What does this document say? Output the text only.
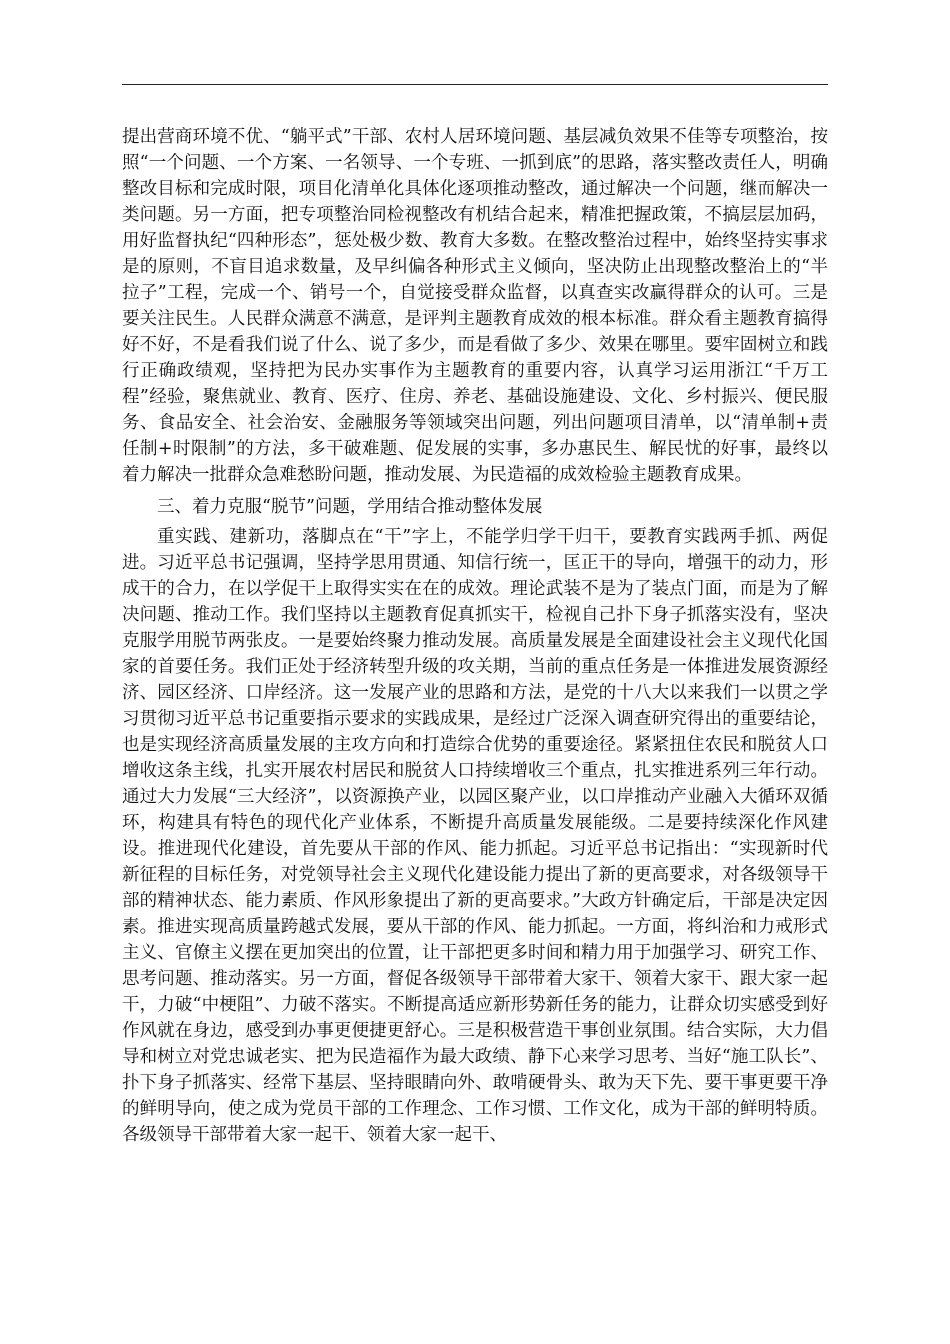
提出营商环境不优、“躺平式”干部、农村人居环境问题、基层减负效果不佳等专项整治，按照“一个问题、一个方案、一名领导、一个专班、一抓到底”的思路，落实整改责任人，明确整改目标和完成时限，项目化清单化具体化逐项推动整改，通过解决一个问题，继而解决一类问题。另一方面，把专项整治同检视整改有机结合起来，精准把握政策，不搞层层加码，用好监督执纪“四种形态”，惩处极少数、教育大多数。在整改整治过程中，始终坚持实事求是的原则，不盲目追求数量，及早纠偏各种形式主义倾向，坚决防止出现整改整治上的“半拉子”工程，完成一个、销号一个，自觉接受群众监督，以真查实改赢得群众的认可。三是要关注民生。人民群众满意不满意，是评判主题教育成效的根本标准。群众看主题教育搞得好不好，不是看我们说了什么、说了多少，而是看做了多少、效果在哪里。要牢固树立和践行正确政绩观，坚持把为民办实事作为主题教育的重要内容，认真学习运用浙江“千万工程”经验，聚焦就业、教育、医疗、住房、养老、基础设施建设、文化、乡村振兴、便民服务、食品安全、社会治安、金融服务等领域突出问题，列出问题项目清单，以“清单制+责任制+时限制”的方法，多干破难题、促发展的实事，多办惠民生、解民忧的好事，最终以着力解决一批群众急难愁盼问题，推动发展、为民造福的成效检验主题教育成果。

三、着力克服“脱节”问题，学用结合推动整体发展

重实践、建新功，落脚点在“干”字上，不能学归学干归干，要教育实践两手抓、两促进。习近平总书记强调，坚持学思用贯通、知信行统一，匡正干的导向，增强干的动力，形成干的合力，在以学促干上取得实实在在的成效。理论武装不是为了装点门面，而是为了解决问题、推动工作。我们坚持以主题教育促真抓实干，检视自己扑下身子抓落实没有，坚决克服学用脱节两张皮。一是要始终聚力推动发展。高质量发展是全面建设社会主义现代化国家的首要任务。我们正处于经济转型升级的攻关期，当前的重点任务是一体推进发展资源经济、园区经济、口岸经济。这一发展产业的思路和方法，是党的十八大以来我们一以贯之学习贯彻习近平总书记重要指示要求的实践成果，是经过广泛深入调查研究得出的重要结论，也是实现经济高质量发展的主攻方向和打造综合优势的重要途径。紧紧扭住农民和脱贫人口增收这条主线，扎实开展农村居民和脱贫人口持续增收三个重点，扎实推进系列三年行动。通过大力发展“三大经济”，以资源换产业，以园区聚产业，以口岸推动产业融入大循环双循环，构建具有特色的现代化产业体系，不断提升高质量发展能级。二是要持续深化作风建设。推进现代化建设，首先要从干部的作风、能力抓起。习近平总书记指出：“实现新时代新征程的目标任务，对党领导社会主义现代化建设能力提出了新的更高要求，对各级领导干部的精神状态、能力素质、作风形象提出了新的更高要求。”大政方针确定后，干部是决定因素。推进实现高质量跨越式发展，要从干部的作风、能力抓起。一方面，将纠治和力戒形式主义、官僚主义摆在更加突出的位置，让干部把更多时间和精力用于加强学习、研究工作、思考问题、推动落实。另一方面，督促各级领导干部带着大家干、领着大家干、跟大家一起干，力破“中梗阻”、力破不落实。不断提高适应新形势新任务的能力，让群众切实感受到好作风就在身边，感受到办事更便捷更舒心。三是积极营造干事创业氛围。结合实际，大力倡导和树立对党忠诚老实、把为民造福作为最大政绩、静下心来学习思考、当好“施工队长”、扑下身子抓落实、经常下基层、坚持眼睛向外、敢啃硬骨头、敢为天下先、要干事更要干净的鲜明导向，使之成为党员干部的工作理念、工作习惯、工作文化，成为干部的鲜明特质。各级领导干部带着大家一起干、领着大家一起干、
